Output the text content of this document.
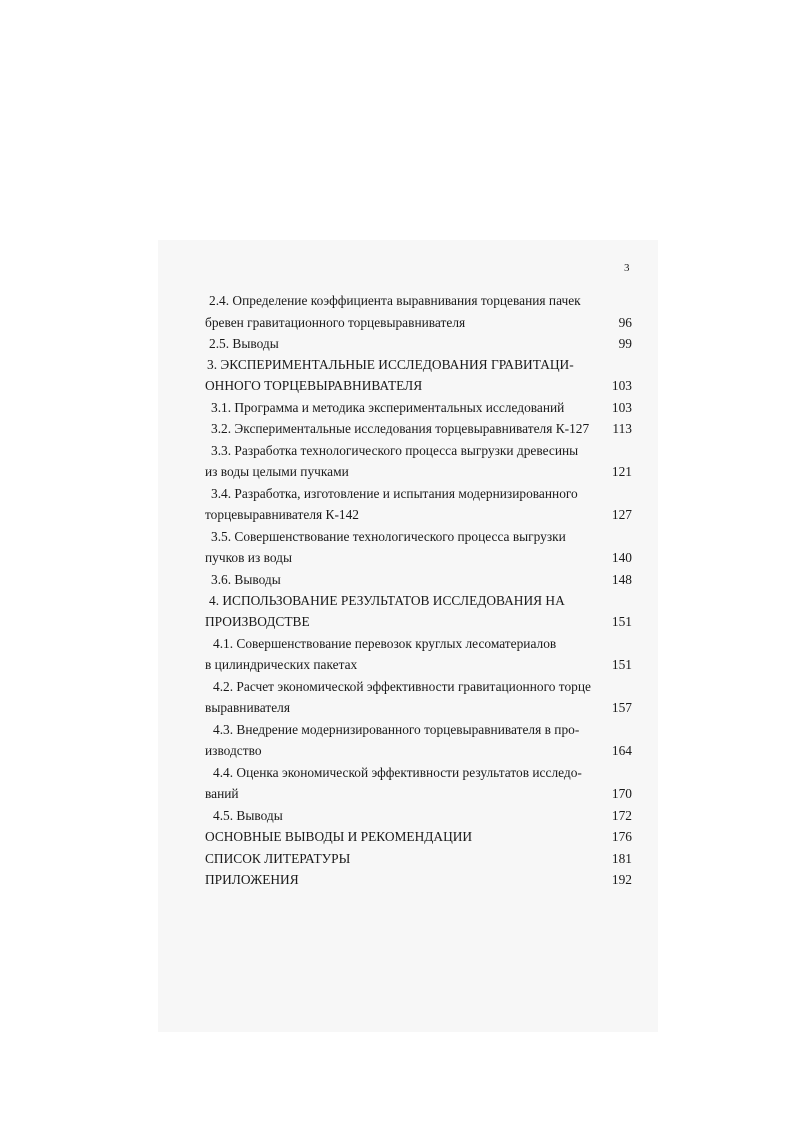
3
2.4. Определение коэффициента выравнивания торцевания пачек
бревен гравитационного торцевыравнивателя	96
2.5. Выводы	99
3. ЭКСПЕРИМЕНТАЛЬНЫЕ ИССЛЕДОВАНИЯ ГРАВИТАЦИ-
ОННОГО ТОРЦЕВЫРАВНИВАТЕЛЯ	103
3.1. Программа и методика экспериментальных исследований	103
3.2. Экспериментальные исследования торцевыравнивателя К-127 113
3.3. Разработка технологического процесса выгрузки древесины
из воды целыми пучками	121
3.4. Разработка, изготовление и испытания модернизированного
торцевыравнивателя К-142	127
3.5. Совершенствование технологического процесса выгрузки
пучков из воды	140
3.6. Выводы	148
4. ИСПОЛЬЗОВАНИЕ РЕЗУЛЬТАТОВ ИССЛЕДОВАНИЯ НА
ПРОИЗВОДСТВЕ	151
4.1. Совершенствование перевозок круглых лесоматериалов
в цилиндрических пакетах	151
4.2. Расчет экономической эффективности гравитационного торце
выравнивателя	157
4.3. Внедрение модернизированного торцевыравнивателя в про-
изводство	164
4.4. Оценка экономической эффективности результатов исследо-
ваний	170
4.5. Выводы	172
ОСНОВНЫЕ ВЫВОДЫ И РЕКОМЕНДАЦИИ	176
СПИСОК ЛИТЕРАТУРЫ	181
ПРИЛОЖЕНИЯ	192
